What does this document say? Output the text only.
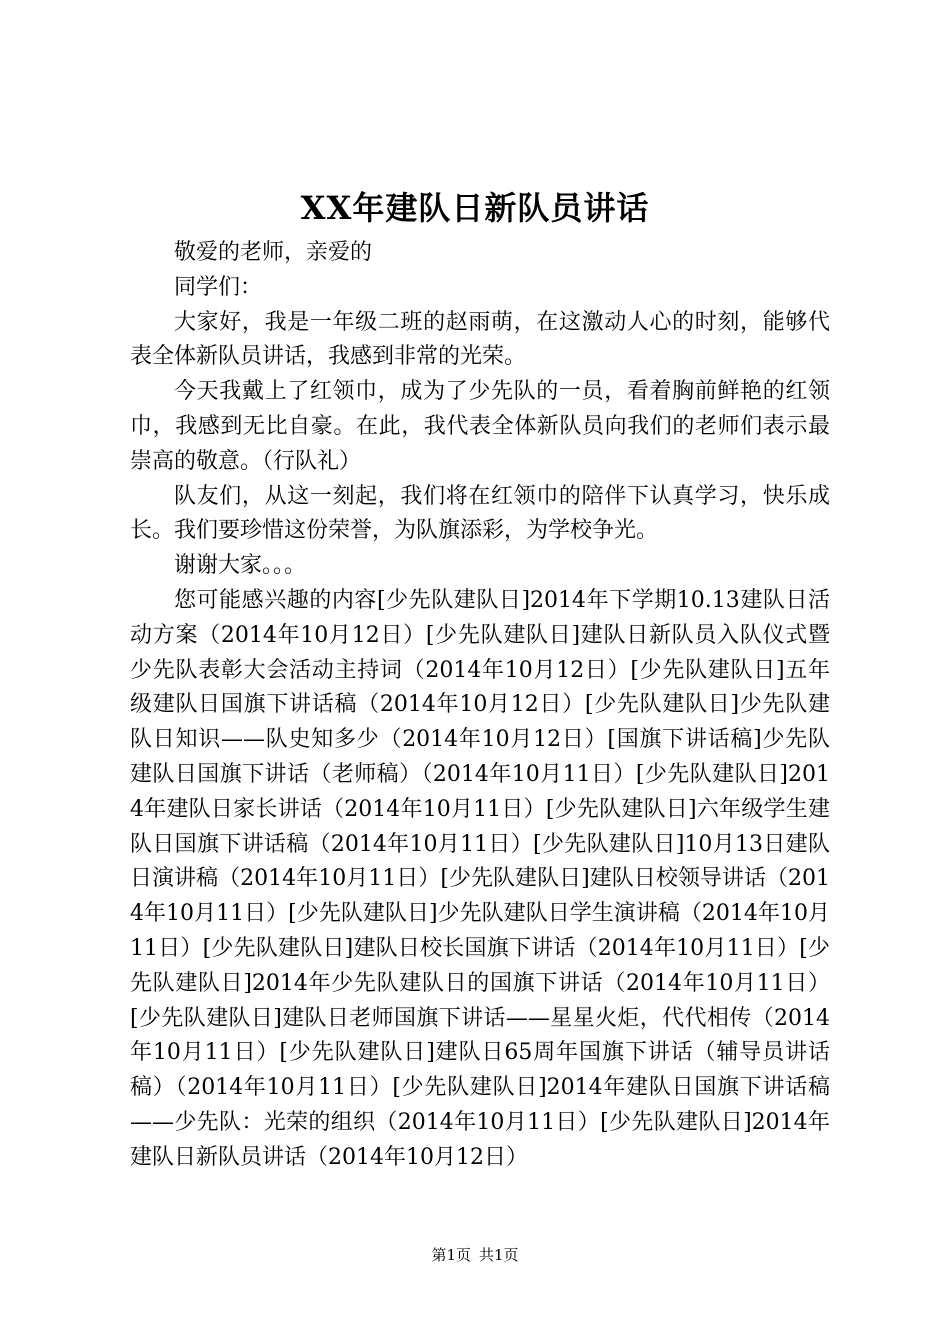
XX年建队日新队员讲话

敬爱的老师，亲爱的

同学们：

大家好，我是一年级二班的赵雨萌，在这激动人心的时刻，能够代表全体新队员讲话，我感到非常的光荣。

今天我戴上了红领巾，成为了少先队的一员，看着胸前鲜艳的红领巾，我感到无比自豪。在此，我代表全体新队员向我们的老师们表示最崇高的敬意。（行队礼）

队友们，从这一刻起，我们将在红领巾的陪伴下认真学习，快乐成长。我们要珍惜这份荣誉，为队旗添彩，为学校争光。

谢谢大家。。。

您可能感兴趣的内容[少先队建队日]2014年下学期10.13建队日活动方案（2014年10月12日）[少先队建队日]建队日新队员入队仪式暨少先队表彰大会活动主持词（2014年10月12日）[少先队建队日]五年级建队日国旗下讲话稿（2014年10月12日）[少先队建队日]少先队建队日知识——队史知多少（2014年10月12日）[国旗下讲话稿]少先队建队日国旗下讲话（老师稿）（2014年10月11日）[少先队建队日]2014年建队日家长讲话（2014年10月11日）[少先队建队日]六年级学生建队日国旗下讲话稿（2014年10月11日）[少先队建队日]10月13日建队日演讲稿（2014年10月11日）[少先队建队日]建队日校领导讲话（2014年10月11日）[少先队建队日]少先队建队日学生演讲稿（2014年10月11日）[少先队建队日]建队日校长国旗下讲话（2014年10月11日）[少先队建队日]2014年少先队建队日的国旗下讲话（2014年10月11日）[少先队建队日]建队日老师国旗下讲话——星星火炬，代代相传（2014年10月11日）[少先队建队日]建队日65周年国旗下讲话（辅导员讲话稿）（2014年10月11日）[少先队建队日]2014年建队日国旗下讲话稿——少先队：光荣的组织（2014年10月11日）[少先队建队日]2014年建队日新队员讲话（2014年10月12日）

第1页 共1页
